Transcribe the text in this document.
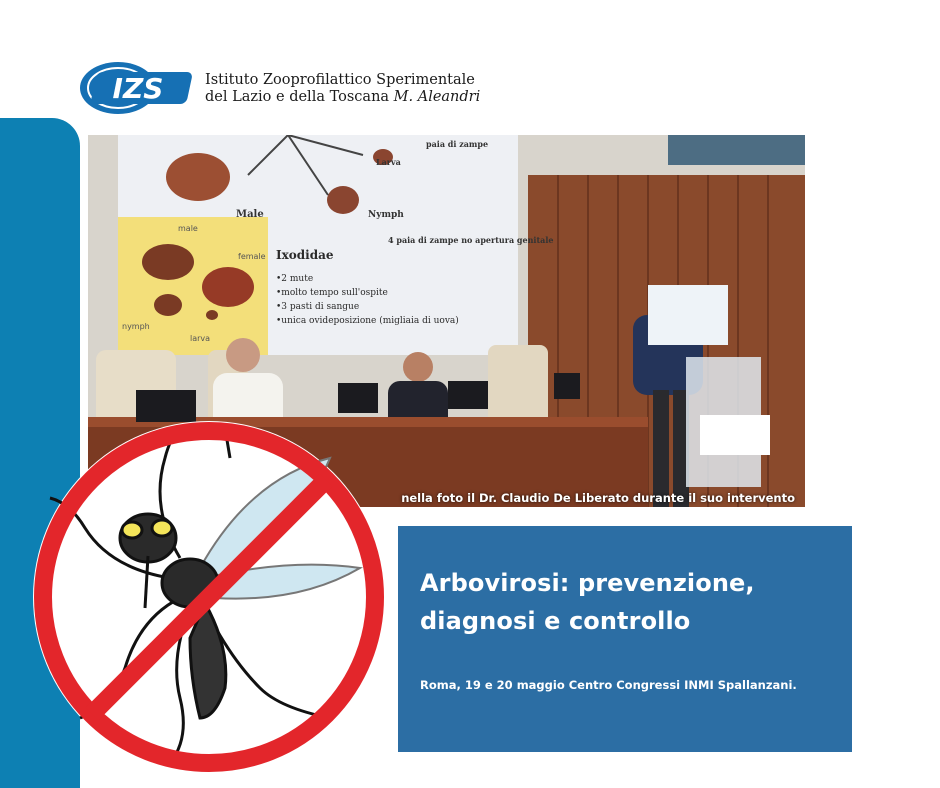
IZS	Istituto Zooprofilattico Sperimentale
del Lazio e della Toscana M. Aleandri
Male
Larva
Nymph
paia di zampe
4 paia di zampe no apertura genitale
male
female
nymph
larva
Ixodidae
•2 mute
•molto tempo sull'ospite
•3 pasti di sangue
•unica ovideposizione (migliaia di uova)
nella foto il Dr. Claudio De Liberato durante il suo intervento
Arbovirosi: prevenzione,
diagnosi e controllo
Roma, 19 e 20 maggio Centro Congressi INMI Spallanzani.
